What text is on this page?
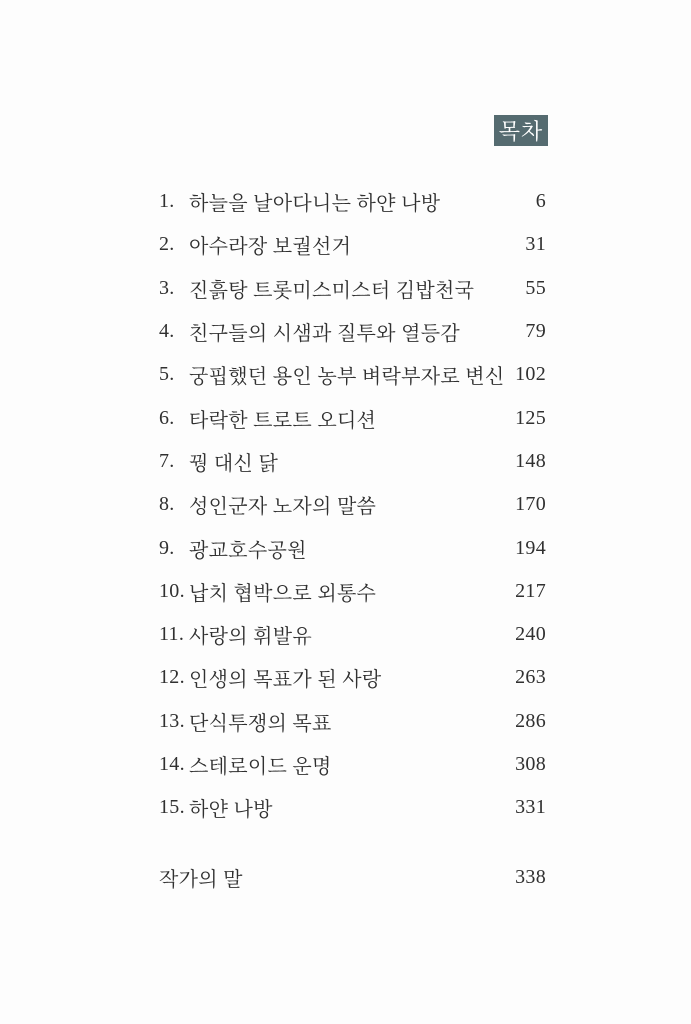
목차
1. 하늘을 날아다니는 하얀 나방	6
2. 아수라장 보궐선거	31
3. 진흙탕 트롯미스미스터 김밥천국	55
4. 친구들의 시샘과 질투와 열등감	79
5. 궁핍했던 용인 농부 벼락부자로 변신 102
6. 타락한 트로트 오디션	125
7. 꿩 대신 닭	148
8. 성인군자 노자의 말씀	170
9. 광교호수공원	194
10. 납치 협박으로 외통수	217
11. 사랑의 휘발유	240
12. 인생의 목표가 된 사랑	263
13. 단식투쟁의 목표	286
14. 스테로이드 운명	308
15. 하얀 나방	331
작가의 말	338
